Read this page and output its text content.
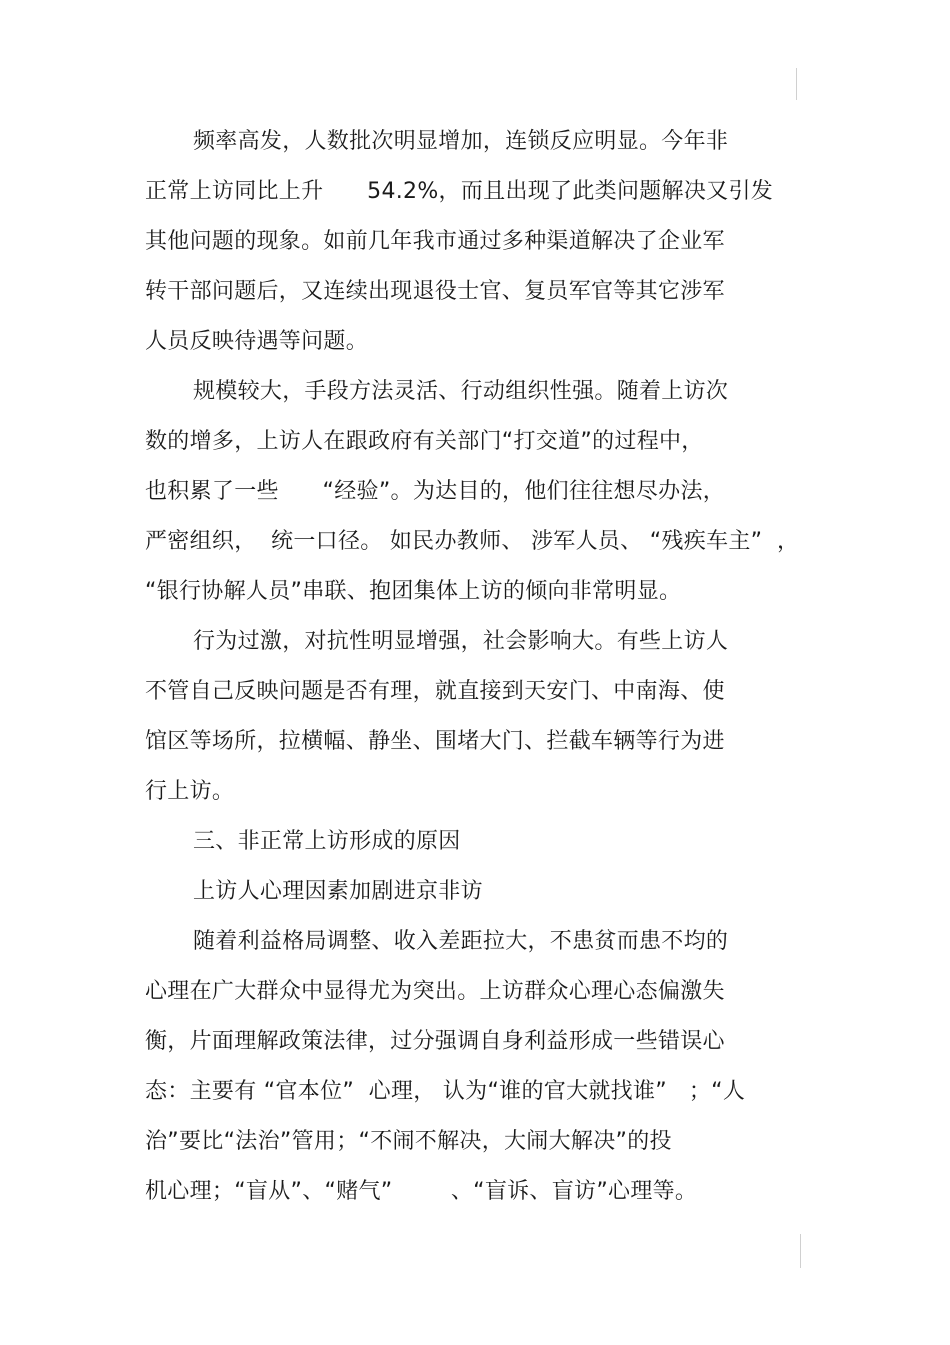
频率高发，人数批次明显增加，连锁反应明显。今年非
正常上访同比上升      54.2%，而且出现了此类问题解决又引发
其他问题的现象。如前几年我市通过多种渠道解决了企业军
转干部问题后，又连续出现退役士官、复员军官等其它涉军
人员反映待遇等问题。
规模较大，手段方法灵活、行动组织性强。随着上访次
数的增多，上访人在跟政府有关部门“打交道”的过程中，
也积累了一些      “经验”。为达目的，他们往往想尽办法，
严密组织，  统一口径。 如民办教师、 涉军人员、 “残疾车主”  ，
“银行协解人员”串联、抱团集体上访的倾向非常明显。
行为过激，对抗性明显增强，社会影响大。有些上访人
不管自己反映问题是否有理，就直接到天安门、中南海、使
馆区等场所，拉横幅、静坐、围堵大门、拦截车辆等行为进
行上访。
三、非正常上访形成的原因
上访人心理因素加剧进京非访
随着利益格局调整、收入差距拉大，不患贫而患不均的
心理在广大群众中显得尤为突出。上访群众心理心态偏激失
衡，片面理解政策法律，过分强调自身利益形成一些错误心
态：主要有 “官本位”  心理， 认为“谁的官大就找谁”   ；“人
治”要比“法治”管用；“不闹不解决，大闹大解决”的投
机心理；“盲从”、“赌气”        、“盲诉、盲访”心理等。
